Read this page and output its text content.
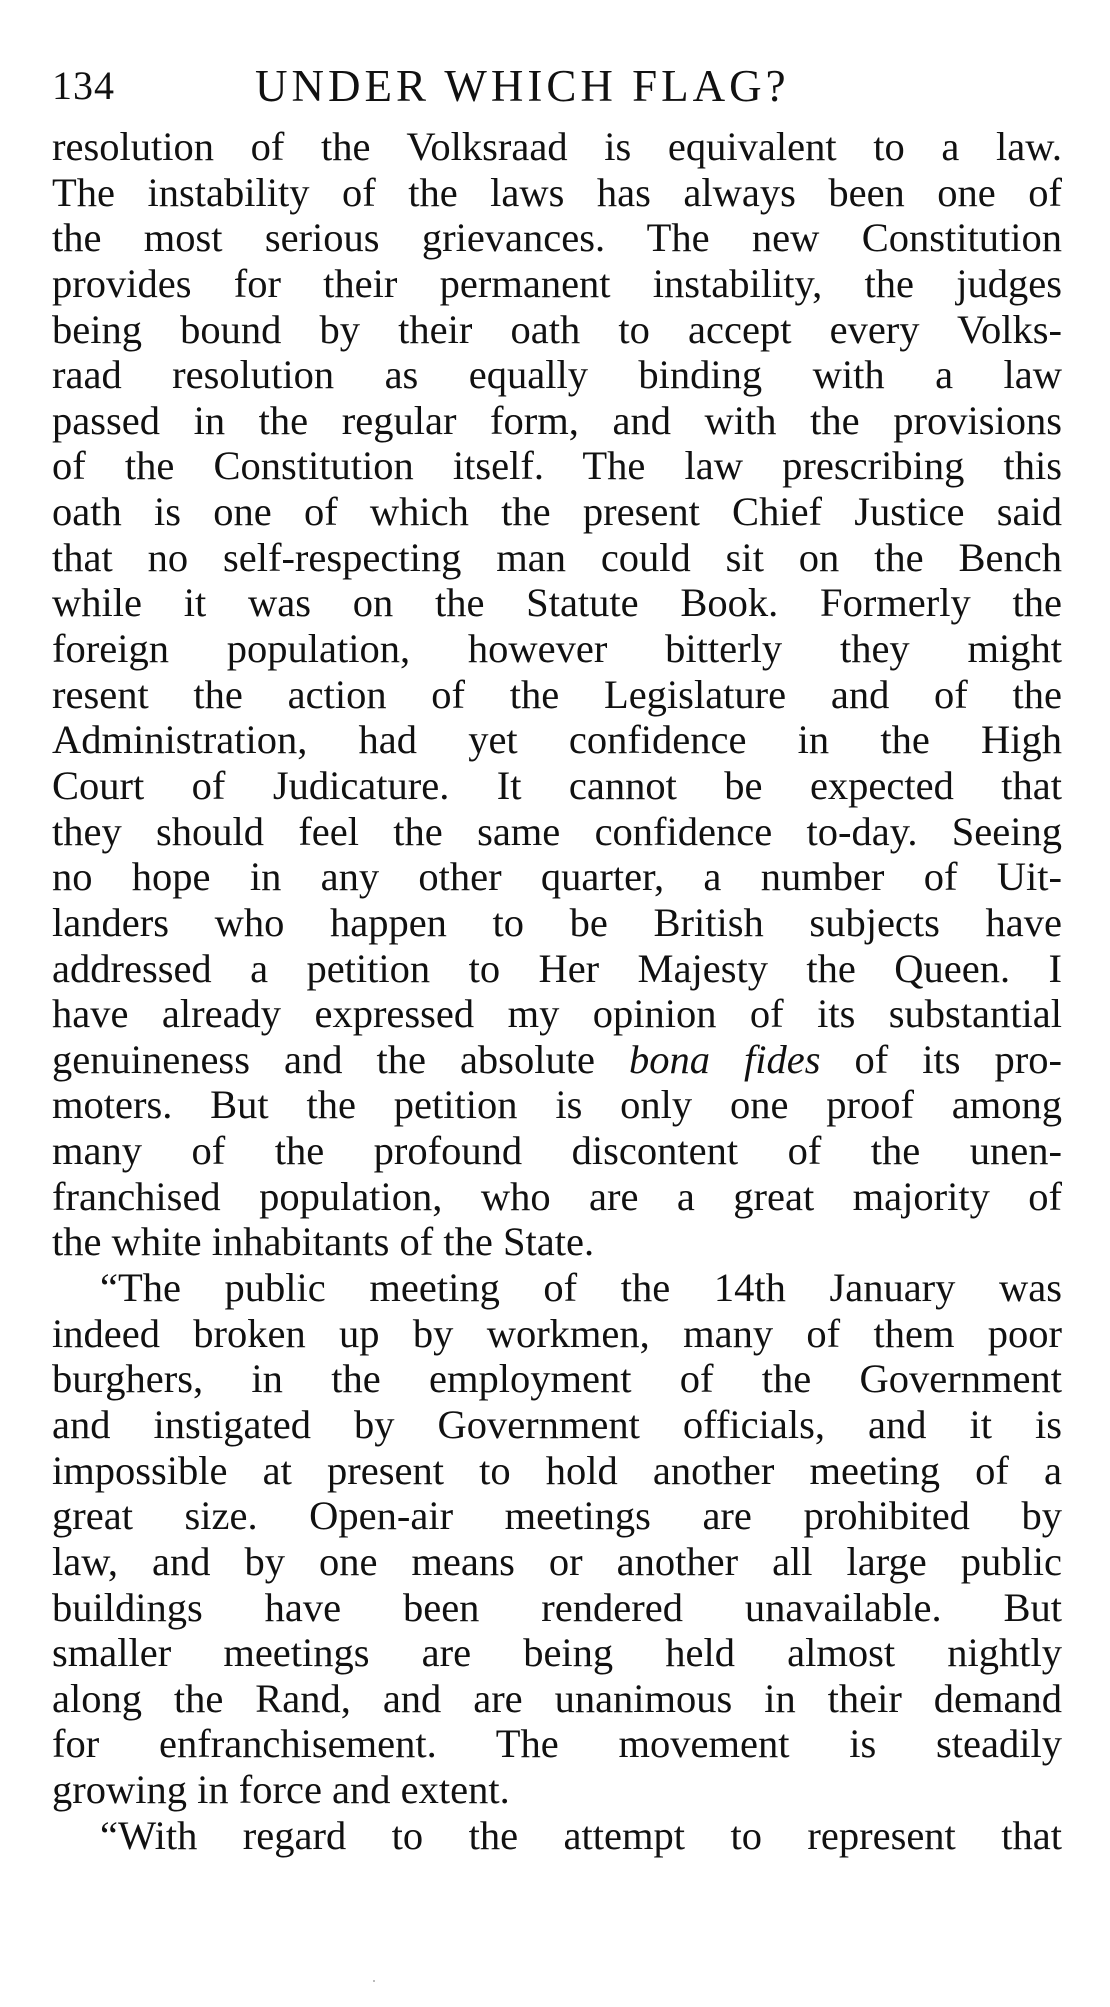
134	UNDER WHICH FLAG?
resolution of the Volksraad is equivalent to a law.
The instability of the laws has always been one of
the most serious grievances. The new Constitution
provides for their permanent instability, the judges
being bound by their oath to accept every Volks-
raad resolution as equally binding with a law
passed in the regular form, and with the provisions
of the Constitution itself. The law prescribing this
oath is one of which the present Chief Justice said
that no self-respecting man could sit on the Bench
while it was on the Statute Book. Formerly the
foreign population, however bitterly they might
resent the action of the Legislature and of the
Administration, had yet confidence in the High
Court of Judicature. It cannot be expected that
they should feel the same confidence to-day. Seeing
no hope in any other quarter, a number of Uit-
landers who happen to be British subjects have
addressed a petition to Her Majesty the Queen. I
have already expressed my opinion of its substantial
genuineness and the absolute bona fides of its pro-
moters. But the petition is only one proof among
many of the profound discontent of the unen-
franchised population, who are a great majority of
the white inhabitants of the State.
“The public meeting of the 14th January was
indeed broken up by workmen, many of them poor
burghers, in the employment of the Government
and instigated by Government officials, and it is
impossible at present to hold another meeting of a
great size. Open-air meetings are prohibited by
law, and by one means or another all large public
buildings have been rendered unavailable. But
smaller meetings are being held almost nightly
along the Rand, and are unanimous in their demand
for enfranchisement. The movement is steadily
growing in force and extent.
“With regard to the attempt to represent that
